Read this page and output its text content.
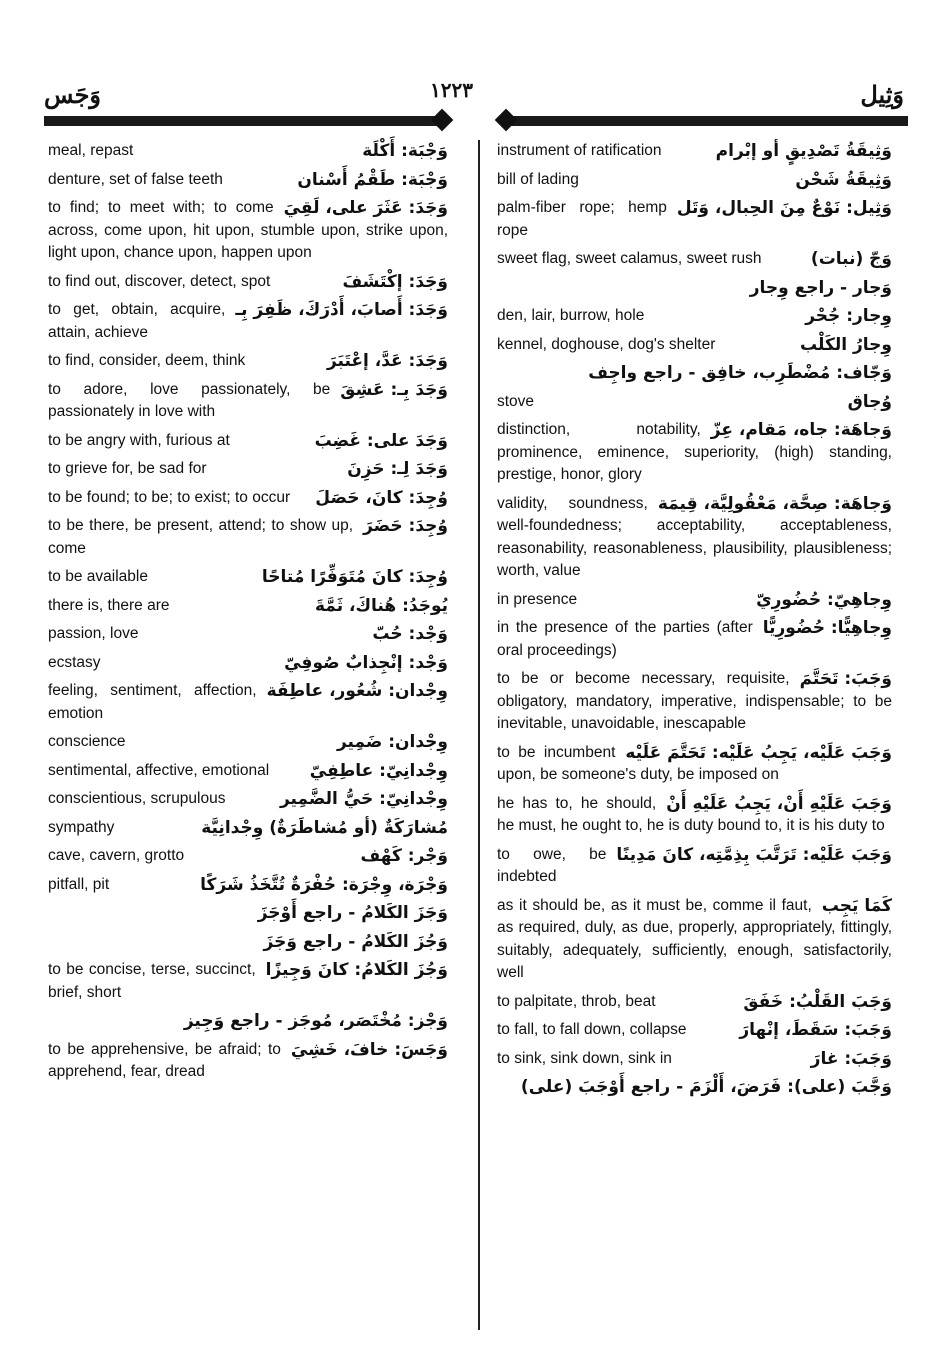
وَثِيل
١٢٢٣
وَجَس
وَجْبَة: أَكْلَة
meal, repast
وَجْبَة: طَقْمُ أَسْنان
denture, set of false teeth
وَجَدَ: عَثَرَ على، لَقِيَ
to find; to meet with; to come across, come upon, hit upon, stumble upon, strike upon, light upon, chance upon, happen upon
وَجَدَ: إكْتَشَفَ
to find out, discover, detect, spot
وَجَدَ: أَصابَ، أَدْرَكَ، ظَفِرَ بِـ
to get, obtain, acquire, attain, achieve
وَجَدَ: عَدَّ، إعْتَبَرَ
to find, consider, deem, think
وَجَدَ بِـ: عَشِقَ
to adore, love passionately, be passionately in love with
وَجَدَ على: غَضِبَ
to be angry with, furious at
وَجَدَ لِـ: حَزِنَ
to grieve for, be sad for
وُجِدَ: كانَ، حَصَلَ
to be found; to be; to exist; to occur
وُجِدَ: حَضَرَ
to be there, be present, attend; to show up, come
وُجِدَ: كانَ مُتَوَفِّرًا مُتاحًا
to be available
يُوجَدُ: هُناكَ، ثَمَّةَ
there is, there are
وَجْد: حُبّ
passion, love
وَجْد: إنْجِذابٌ صُوفِيّ
ecstasy
وِجْدان: شُعُور، عاطِفَة
feeling, sentiment, affection, emotion
وِجْدان: ضَمِير
conscience
وِجْدانِيّ: عاطِفِيّ
sentimental, affective, emotional
وِجْدانِيّ: حَيُّ الضَّمِير
conscientious, scrupulous
مُشارَكَةٌ (أو مُشاطَرَةٌ) وِجْدانِيَّة
sympathy
وَجْر: كَهْف
cave, cavern, grotto
وَجْرَة، وِجْرَة: حُفْرَةٌ تُتَّخَذُ شَرَكًا
pitfall, pit
وَجَزَ الكَلامُ - راجع أَوْجَزَ
وَجُزَ الكَلامُ - راجع وَجَزَ
وَجُزَ الكَلامُ: كانَ وَجِيزًا
to be concise, terse, succinct, brief, short
وَجْز: مُخْتَصَر، مُوجَز - راجع وَجِيز
وَجَسَ: خافَ، خَشِيَ
to be apprehensive, be afraid; to apprehend, fear, dread
وَثِيقَةُ تَصْدِيقٍ أو إبْرام
instrument of ratification
وَثِيقَةُ شَحْن
bill of lading
وَثِيل: نَوْعٌ مِنَ الحِبال، وَتَل
palm-fiber rope; hemp rope
وَجّ (نبات)
sweet flag, sweet calamus, sweet rush
وَجار - راجع وِجار
وِجار: جُحْر
den, lair, burrow, hole
وِجارُ الكَلْب
kennel, doghouse, dog's shelter
وَجّاف: مُضْطَرِب، خافِق - راجع واجِف
وُجاق
stove
وَجاهَة: جاه، مَقام، عِزّ
distinction, notability, prominence, eminence, superiority, (high) standing, prestige, honor, glory
وَجاهَة: صِحَّة، مَعْقُولِيَّة، قِيمَة
validity, soundness, well-foundedness; acceptability, acceptableness, reasonability, reasonableness, plausibility, plausibleness; worth, value
وِجاهِيّ: حُضُورِيّ
in presence
وِجاهِيًّا: حُضُورِيًّا
in the presence of the parties (after oral proceedings)
وَجَبَ: تَحَتَّمَ
to be or become necessary, requisite, obligatory, mandatory, imperative, indispensable; to be inevitable, unavoidable, inescapable
وَجَبَ عَلَيْه، يَجِبُ عَلَيْه: تَحَتَّمَ عَلَيْه
to be incumbent upon, be someone's duty, be imposed on
وَجَبَ عَلَيْهِ أَنْ، يَجِبُ عَلَيْهِ أَنْ
he has to, he should, he must, he ought to, he is duty bound to, it is his duty to
وَجَبَ عَلَيْه: تَرَتَّبَ بِذِمَّتِه، كانَ مَدِينًا
to owe, be indebted
كَمَا يَجِب
as it should be, as it must be, comme il faut, as required, duly, as due, properly, appropriately, fittingly, suitably, adequately, sufficiently, enough, satisfactorily, well
وَجَبَ القَلْبُ: خَفَقَ
to palpitate, throb, beat
وَجَبَ: سَقَطَ، إنْهارَ
to fall, to fall down, collapse
وَجَبَ: غارَ
to sink, sink down, sink in
وَجَّبَ (على): فَرَضَ، أَلْزَمَ - راجع أَوْجَبَ (على)
